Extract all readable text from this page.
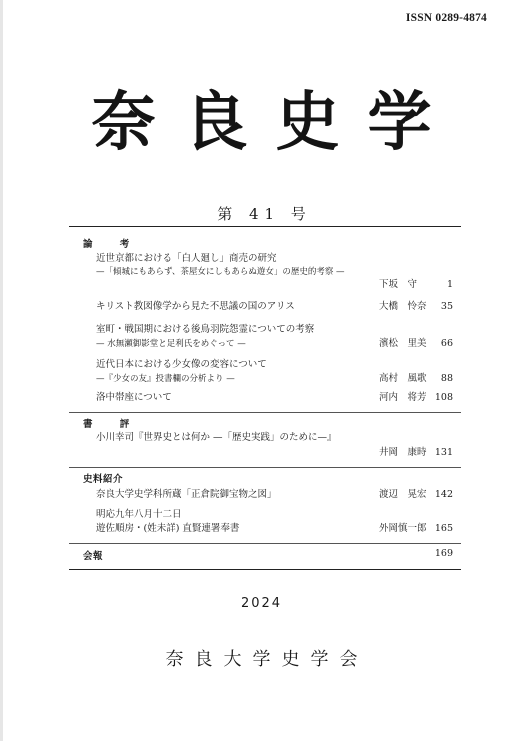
ISSN 0289-4874
奈良史学
第 41 号
論 考
近世京都における「白人廻し」商売の研究
—「傾城にもあらず、茶屋女にしもあらぬ遊女」の歴史的考察 —
下坂　守	1
キリスト教図像学から見た不思議の国のアリス	大橋　怜奈 35
室町・戦国期における後鳥羽院怨霊についての考察
— 水無瀬御影堂と足利氏をめぐって —	濱松　里美 66
近代日本における少女像の変容について
—『少女の友』投書欄の分析より —	高村　風歌 88
洛中帯座について	河内　将芳 108
書 評
小川幸司『世界史とは何か —「歴史実践」のために—』
井岡　康時 131
史料紹介
奈良大学史学科所蔵「正倉院御宝物之図」	渡辺　晃宏 142
明応九年八月十二日
遊佐順房・(姓未詳) 直賢連署奉書	外岡慎一郎 165
会報	169
2024
奈良大学史学会
